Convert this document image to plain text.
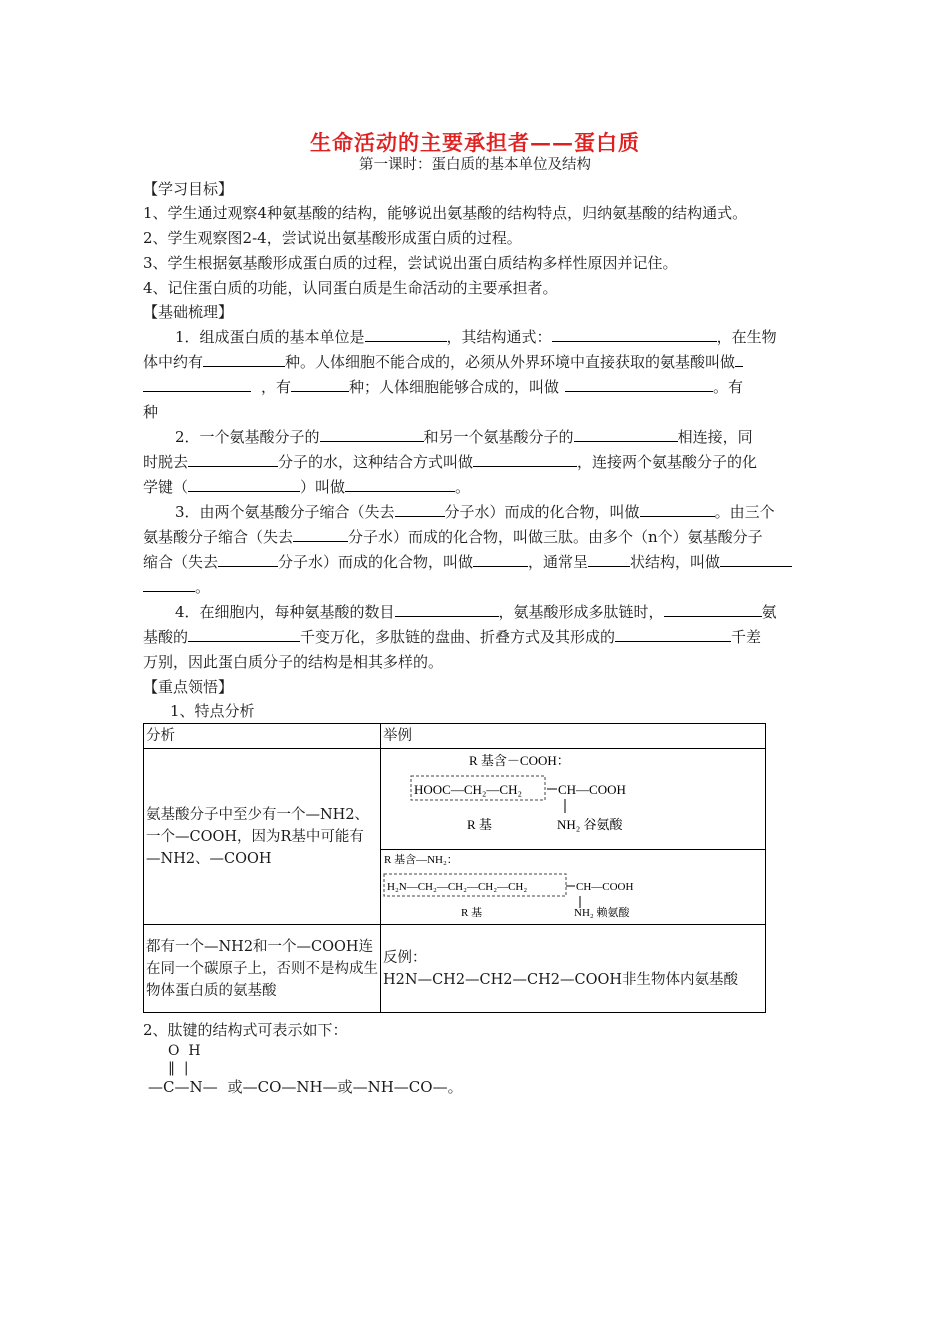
生命活动的主要承担者——蛋白质
第一课时：蛋白质的基本单位及结构
【学习目标】
1、学生通过观察4种氨基酸的结构，能够说出氨基酸的结构特点，归纳氨基酸的结构通式。
2、学生观察图2-4，尝试说出氨基酸形成蛋白质的过程。
3、学生根据氨基酸形成蛋白质的过程，尝试说出蛋白质结构多样性原因并记住。
4、记住蛋白质的功能，认同蛋白质是生命活动的主要承担者。
【基础梳理】
1．组成蛋白质的基本单位是	，其结构通式：	，在生物
体中约有	种。人体细胞不能合成的，必须从外界环境中直接获取的氨基酸叫做
，有	种；人体细胞能够合成的，叫做	。有
种
2．一个氨基酸分子的	和另一个氨基酸分子的	相连接，同
时脱去	分子的水，这种结合方式叫做	，连接两个氨基酸分子的化
学键（	）叫做	。
3．由两个氨基酸分子缩合（失去	分子水）而成的化合物，叫做	。由三个
氨基酸分子缩合（失去	分子水）而成的化合物，叫做三肽。由多个（n个）氨基酸分子
缩合（失去	分子水）而成的化合物，叫做	，通常呈	状结构，叫做
。
4．在细胞内，每种氨基酸的数目	，氨基酸形成多肽链时，	氨
基酸的	千变万化，多肽链的盘曲、折叠方式及其形成的	千差
万别，因此蛋白质分子的结构是相其多样的。
【重点领悟】
1、特点分析
分析	举例
氨基酸分子中至少有一个—NH2、一个—COOH，因为R基中可能有—NH2、—COOH	R 基含－COOH：
HOOC—CH₂—CH₂ CH—COOH
R 基 NH₂ 谷氨酸

R 基含—NH₂：
H₂N—CH₂—CH₂—CH₂—CH₂ CH—COOH
R 基 NH₂ 赖氨酸

都有一个—NH2和一个—COOH连在同一个碳原子上，否则不是构成生物体蛋白质的氨基酸	反例：
H2N—CH2—CH2—CH2—COOH非生物体内氨基酸
2、肽键的结构式可表示如下：
O  H
‖  |
—C—N— 或—CO—NH—或—NH—CO—。
